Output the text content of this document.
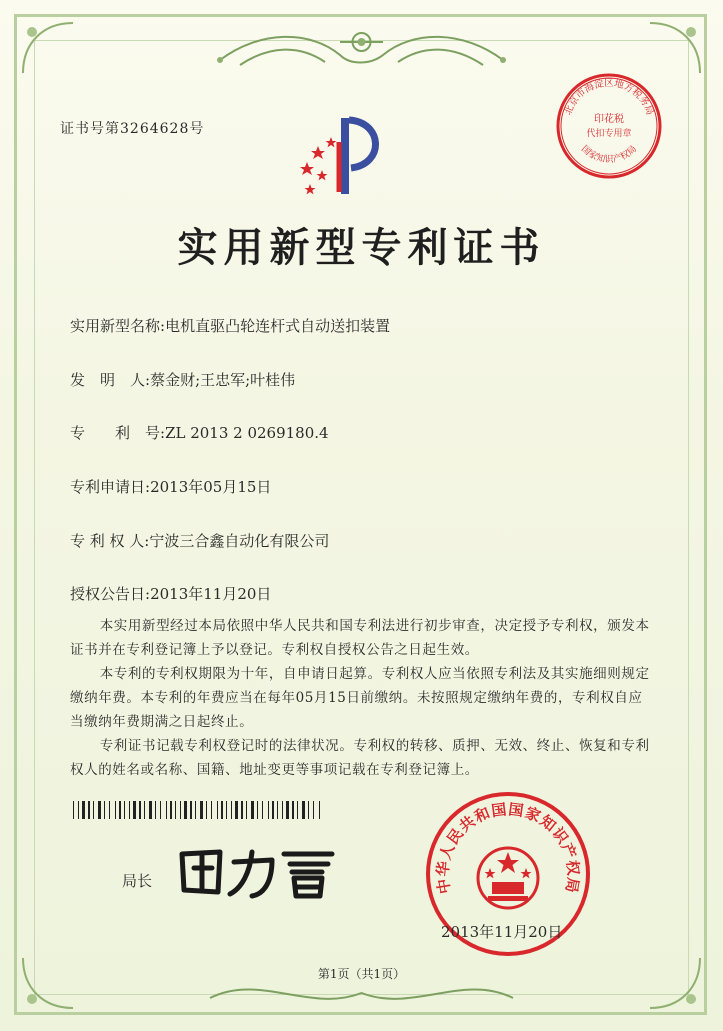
证书号第3264628号
北京市海淀区地方税务局
印花税
代扣专用章
国家知识产权局
实用新型专利证书
实用新型名称:电机直驱凸轮连杆式自动送扣装置
发　明　人:蔡金财;王忠军;叶桂伟
专　　利　号:ZL 2013 2 0269180.4
专利申请日:2013年05月15日
专 利 权 人:宁波三合鑫自动化有限公司
授权公告日:2013年11月20日
本实用新型经过本局依照中华人民共和国专利法进行初步审查，决定授予专利权，颁发本证书并在专利登记簿上予以登记。专利权自授权公告之日起生效。
本专利的专利权期限为十年，自申请日起算。专利权人应当依照专利法及其实施细则规定缴纳年费。本专利的年费应当在每年05月15日前缴纳。未按照规定缴纳年费的，专利权自应当缴纳年费期满之日起终止。
专利证书记载专利权登记时的法律状况。专利权的转移、质押、无效、终止、恢复和专利权人的姓名或名称、国籍、地址变更等事项记载在专利登记簿上。
局长	中华人民共和国国家知识产权局
2013年11月20日
第1页（共1页）
